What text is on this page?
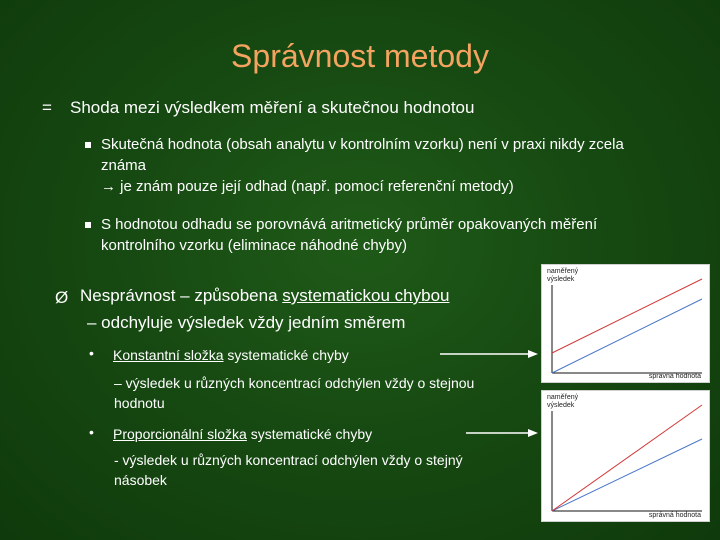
Správnost metody
= Shoda mezi výsledkem měření a skutečnou hodnotou
Skutečná hodnota (obsah analytu v kontrolním vzorku) není v praxi nikdy zcela známa
→ je znám pouze její odhad (např. pomocí referenční metody)
S hodnotou odhadu se porovnává aritmetický průměr opakovaných měření kontrolního vzorku (eliminace náhodné chyby)
Ø Nesprávnost – způsobena systematickou chybou
– odchyluje výsledek vždy jedním směrem
• Konstantní složka systematické chyby
– výsledek u různých koncentrací odchýlen vždy o stejnou hodnotu
• Proporcionální složka systematické chyby
- výsledek u různých koncentrací odchýlen vždy o stejný násobek
naměřený
výsledek
správná hodnota
naměřený
výsledek
správná hodnota
